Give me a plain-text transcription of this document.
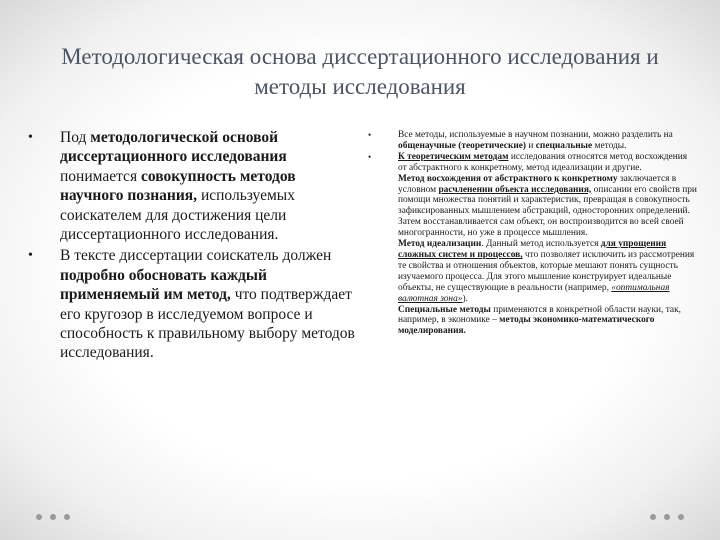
Методологическая основа диссертационного исследования и методы исследования
• Под методологической основой диссертационного исследования понимается совокупность методов научного познания, используемых соискателем для достижения цели диссертационного исследования.
• В тексте диссертации соискатель должен подробно обосновать каждый применяемый им метод, что подтверждает его кругозор в исследуемом вопросе и способность к правильному выбору методов исследования.
•	Все методы, используемые в научном познании, можно разделить на общенаучные (теоретические) и специальные методы.
•	К теоретическим методам исследования относятся метод восхождения от абстрактного к конкретному, метод идеализации и другие.
Метод восхождения от абстрактного к конкретному заключается в условном расчленении объекта исследования, описании его свойств при помощи множества понятий и характеристик, превращая в совокупность зафиксированных мышлением абстракций, односторонних определений. Затем восстанавливается сам объект, он воспроизводится во всей своей многогранности, но уже в процессе мышления.
Метод идеализации. Данный метод используется для упрощения сложных систем и процессов, что позволяет исключить из рассмотрения те свойства и отношения объектов, которые мешают понять сущность изучаемого процесса. Для этого мышление конструирует идеальные объекты, не существующие в реальности (например, «оптимальная валютная зона»).
Специальные методы применяются в конкретной области науки, так, например, в экономике – методы экономико-математического моделирования.
